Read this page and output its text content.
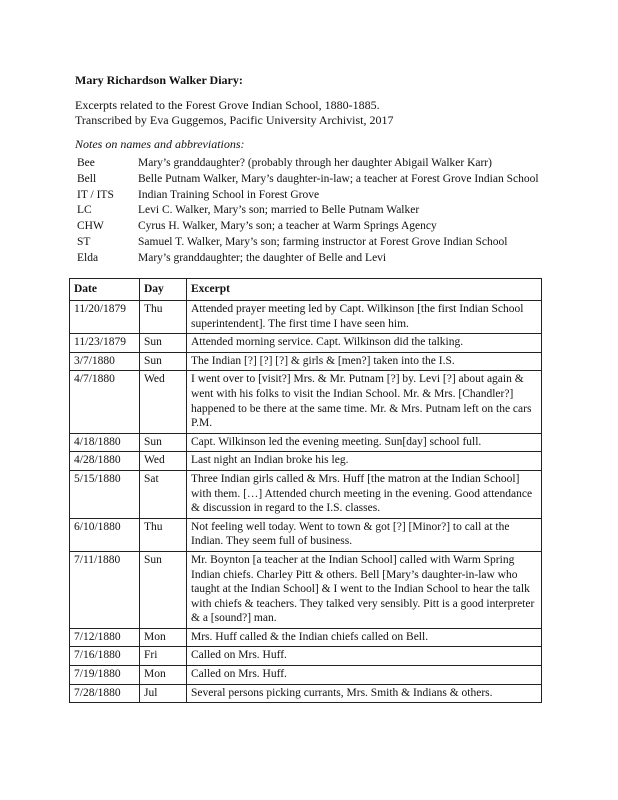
Mary Richardson Walker Diary:
Excerpts related to the Forest Grove Indian School, 1880-1885.
Transcribed by Eva Guggemos, Pacific University Archivist, 2017
Notes on names and abbreviations:
Bee	Mary’s granddaughter? (probably through her daughter Abigail Walker Karr)
Bell	Belle Putnam Walker, Mary’s daughter-in-law; a teacher at Forest Grove Indian School
IT / ITS	Indian Training School in Forest Grove
LC	Levi C. Walker, Mary’s son; married to Belle Putnam Walker
CHW	Cyrus H. Walker, Mary’s son; a teacher at Warm Springs Agency
ST	Samuel T. Walker, Mary’s son; farming instructor at Forest Grove Indian School
Elda	Mary’s granddaughter; the daughter of Belle and Levi
Date	Day	Excerpt
11/20/1879	Thu	Attended prayer meeting led by Capt. Wilkinson [the first Indian School superintendent]. The first time I have seen him.
11/23/1879	Sun	Attended morning service. Capt. Wilkinson did the talking.
3/7/1880	Sun	The Indian [?] [?] [?] & girls & [men?] taken into the I.S.
4/7/1880	Wed	I went over to [visit?] Mrs. & Mr. Putnam [?] by. Levi [?] about again & went with his folks to visit the Indian School. Mr. & Mrs. [Chandler?] happened to be there at the same time. Mr. & Mrs. Putnam left on the cars P.M.
4/18/1880	Sun	Capt. Wilkinson led the evening meeting. Sun[day] school full.
4/28/1880	Wed	Last night an Indian broke his leg.
5/15/1880	Sat	Three Indian girls called & Mrs. Huff [the matron at the Indian School] with them. […] Attended church meeting in the evening. Good attendance & discussion in regard to the I.S. classes.
6/10/1880	Thu	Not feeling well today. Went to town & got [?] [Minor?] to call at the Indian. They seem full of business.
7/11/1880	Sun	Mr. Boynton [a teacher at the Indian School] called with Warm Spring Indian chiefs. Charley Pitt & others. Bell [Mary’s daughter-in-law who taught at the Indian School] & I went to the Indian School to hear the talk with chiefs & teachers. They talked very sensibly. Pitt is a good interpreter & a [sound?] man.
7/12/1880	Mon	Mrs. Huff called & the Indian chiefs called on Bell.
7/16/1880	Fri	Called on Mrs. Huff.
7/19/1880	Mon	Called on Mrs. Huff.
7/28/1880	Jul	Several persons picking currants, Mrs. Smith & Indians & others.
